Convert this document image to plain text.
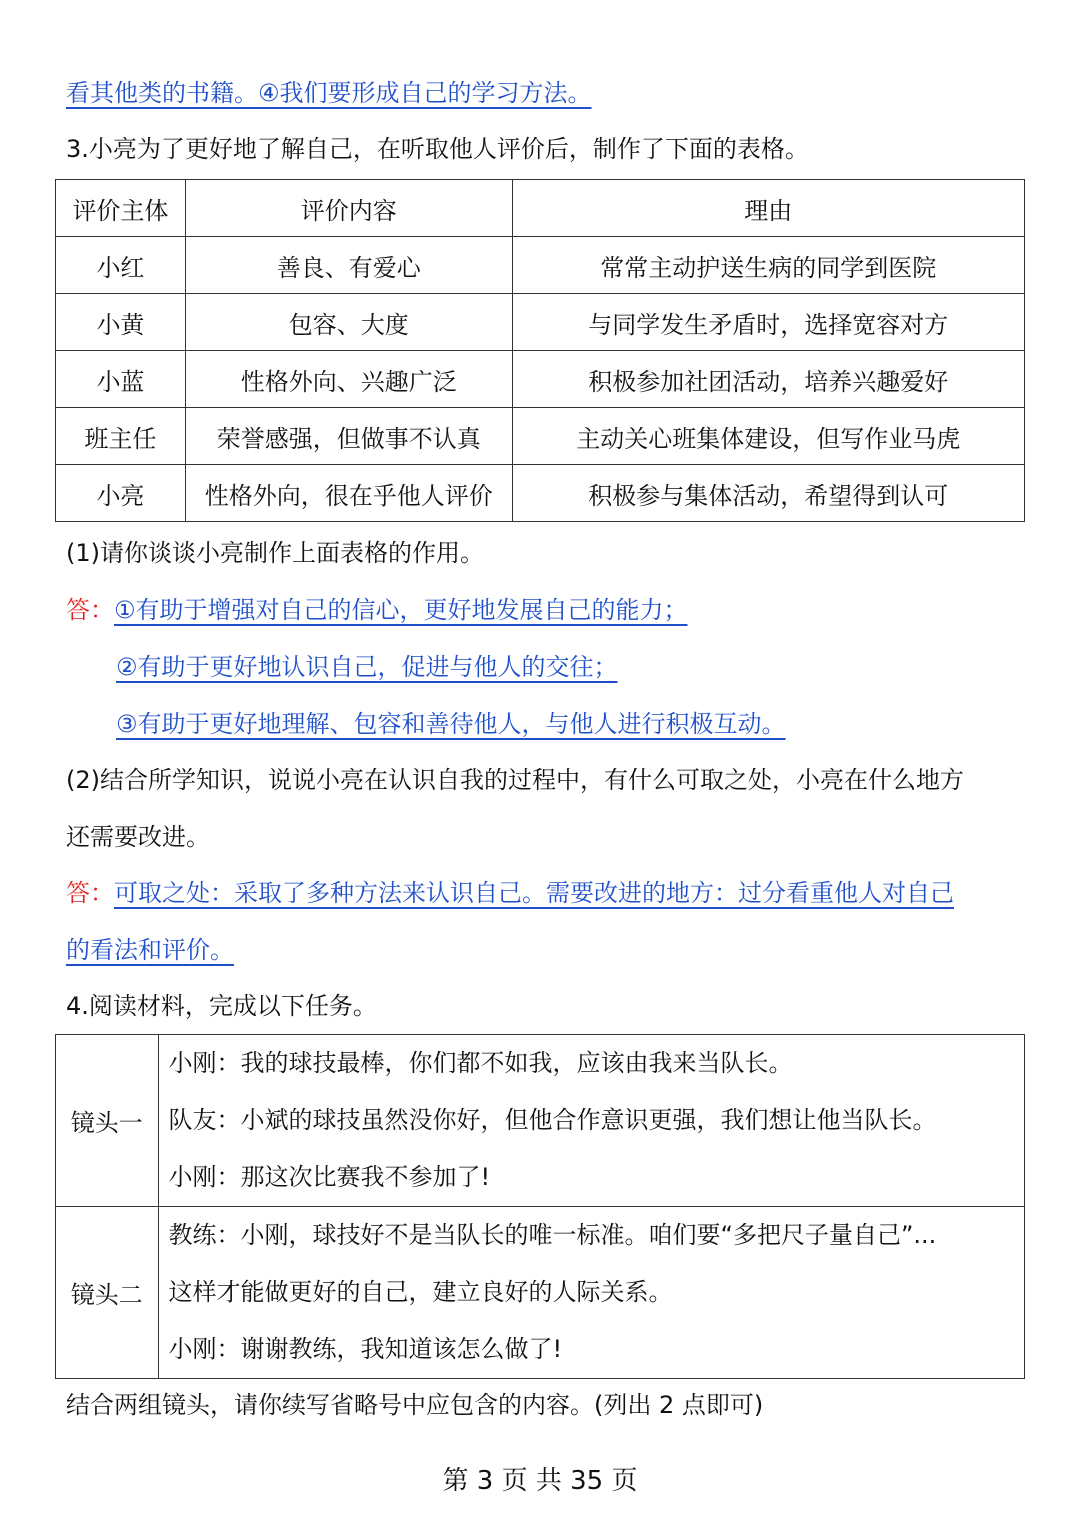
看其他类的书籍。④我们要形成自己的学习方法。
3.小亮为了更好地了解自己，在听取他人评价后，制作了下面的表格。
评价主体	评价内容	理由
小红	善良、有爱心	常常主动护送生病的同学到医院
小黄	包容、大度	与同学发生矛盾时，选择宽容对方
小蓝	性格外向、兴趣广泛	积极参加社团活动，培养兴趣爱好
班主任	荣誉感强，但做事不认真	主动关心班集体建设，但写作业马虎
小亮	性格外向，很在乎他人评价	积极参与集体活动，希望得到认可
(1)请你谈谈小亮制作上面表格的作用。
答：①有助于增强对自己的信心，更好地发展自己的能力；
②有助于更好地认识自己，促进与他人的交往；
③有助于更好地理解、包容和善待他人，与他人进行积极互动。
(2)结合所学知识，说说小亮在认识自我的过程中，有什么可取之处，小亮在什么地方
还需要改进。
答：可取之处：采取了多种方法来认识自己。需要改进的地方：过分看重他人对自己
的看法和评价。
4.阅读材料，完成以下任务。
镜头一	小刚：我的球技最棒，你们都不如我，应该由我来当队长。
队友：小斌的球技虽然没你好，但他合作意识更强，我们想让他当队长。
小刚：那这次比赛我不参加了!

镜头二	教练：小刚，球技好不是当队长的唯一标准。咱们要“多把尺子量自己”...
这样才能做更好的自己，建立良好的人际关系。
小刚：谢谢教练，我知道该怎么做了!
结合两组镜头，请你续写省略号中应包含的内容。(列出 2 点即可)
第 3 页 共 35 页
